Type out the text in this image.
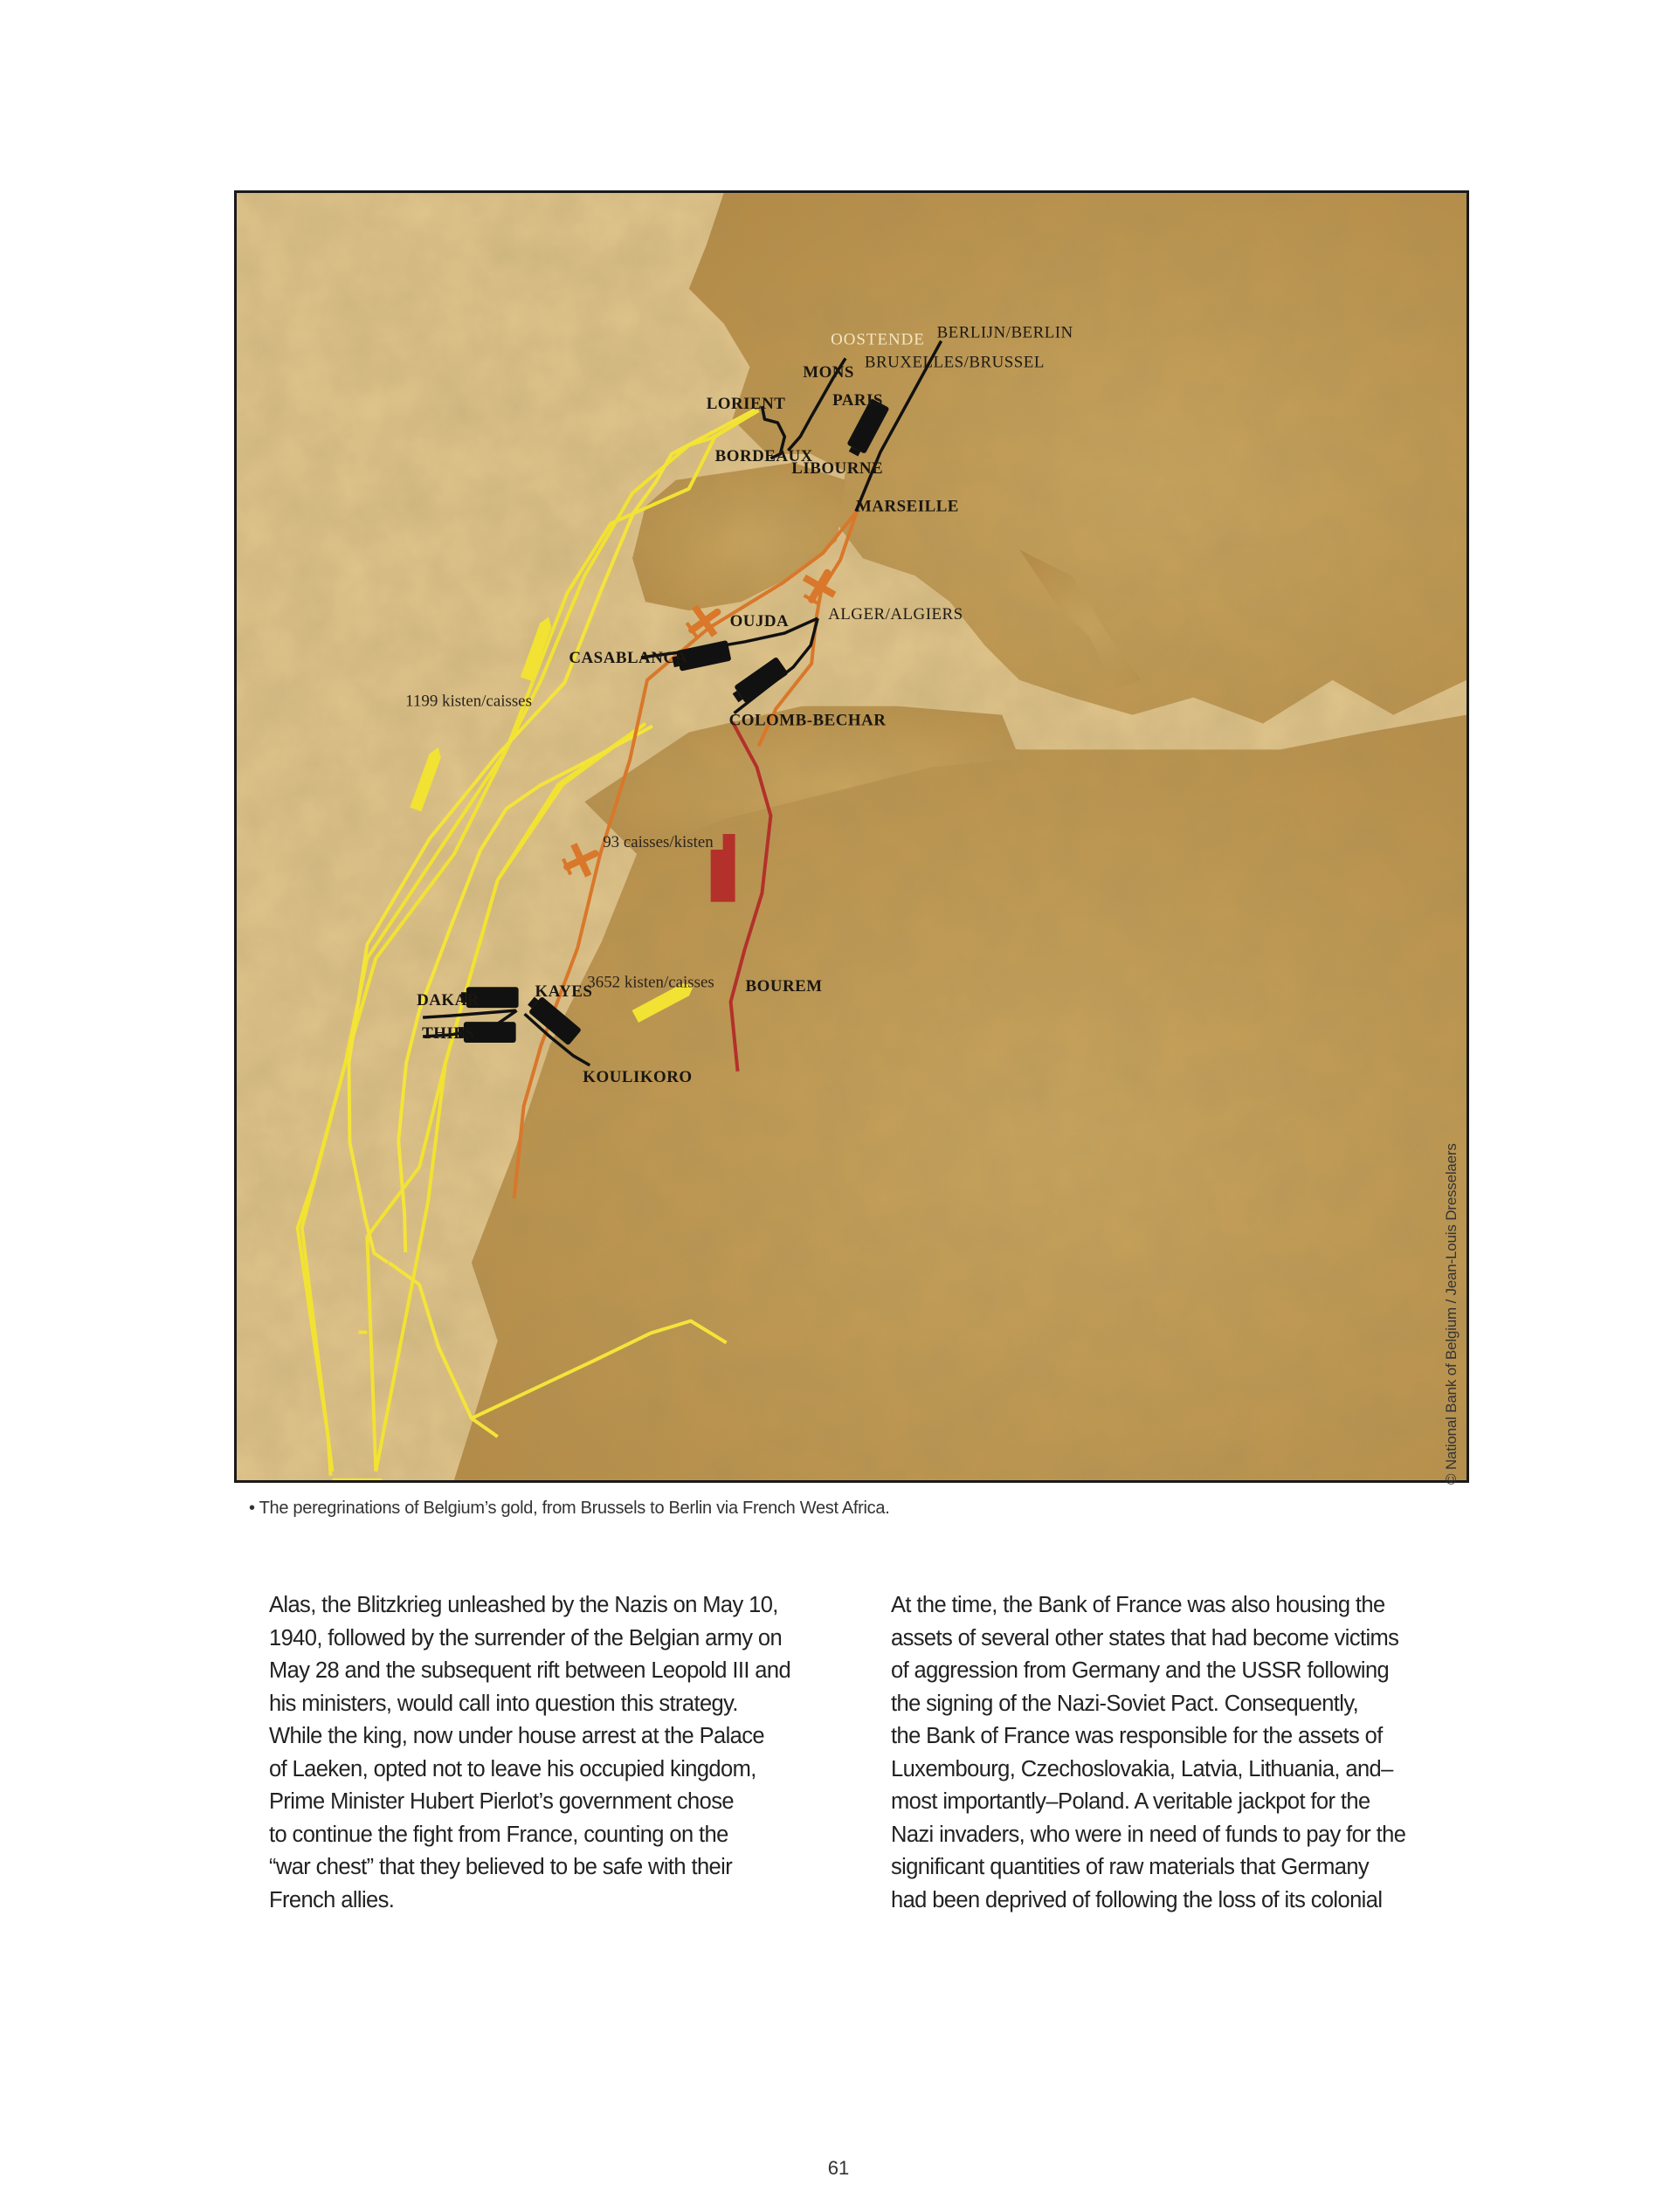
OOSTENDE BERLIJN/BERLIN
BRUXELLES/BRUSSEL
MONS
PARIS
LORIENT
BORDEAUX
LIBOURNE
MARSEILLE
OUJDA ALGER/ALGIERS
CASABLANCA
COLOMB-BECHAR
DAKAR
THIES
KAYES	BOUREM
KOULIKORO
1199 kisten/caisses
93 caisses/kisten
3652 kisten/caisses
© National Bank of Belgium / Jean-Louis Dresselaers
• The peregrinations of Belgium’s gold, from Brussels to Berlin via French West Africa.
Alas, the Blitzkrieg unleashed by the Nazis on May 10,
1940, followed by the surrender of the Belgian army on
May 28 and the subsequent rift between Leopold III and
his ministers, would call into question this strategy.
While the king, now under house arrest at the Palace
of Laeken, opted not to leave his occupied kingdom,
Prime Minister Hubert Pierlot’s government chose
to continue the fight from France, counting on the
“war chest” that they believed to be safe with their
French allies.
At the time, the Bank of France was also housing the
assets of several other states that had become victims
of aggression from Germany and the USSR following
the signing of the Nazi-Soviet Pact. Consequently,
the Bank of France was responsible for the assets of
Luxembourg, Czechoslovakia, Latvia, Lithuania, and–
most importantly–Poland. A veritable jackpot for the
Nazi invaders, who were in need of funds to pay for the
significant quantities of raw materials that Germany
had been deprived of following the loss of its colonial
61
